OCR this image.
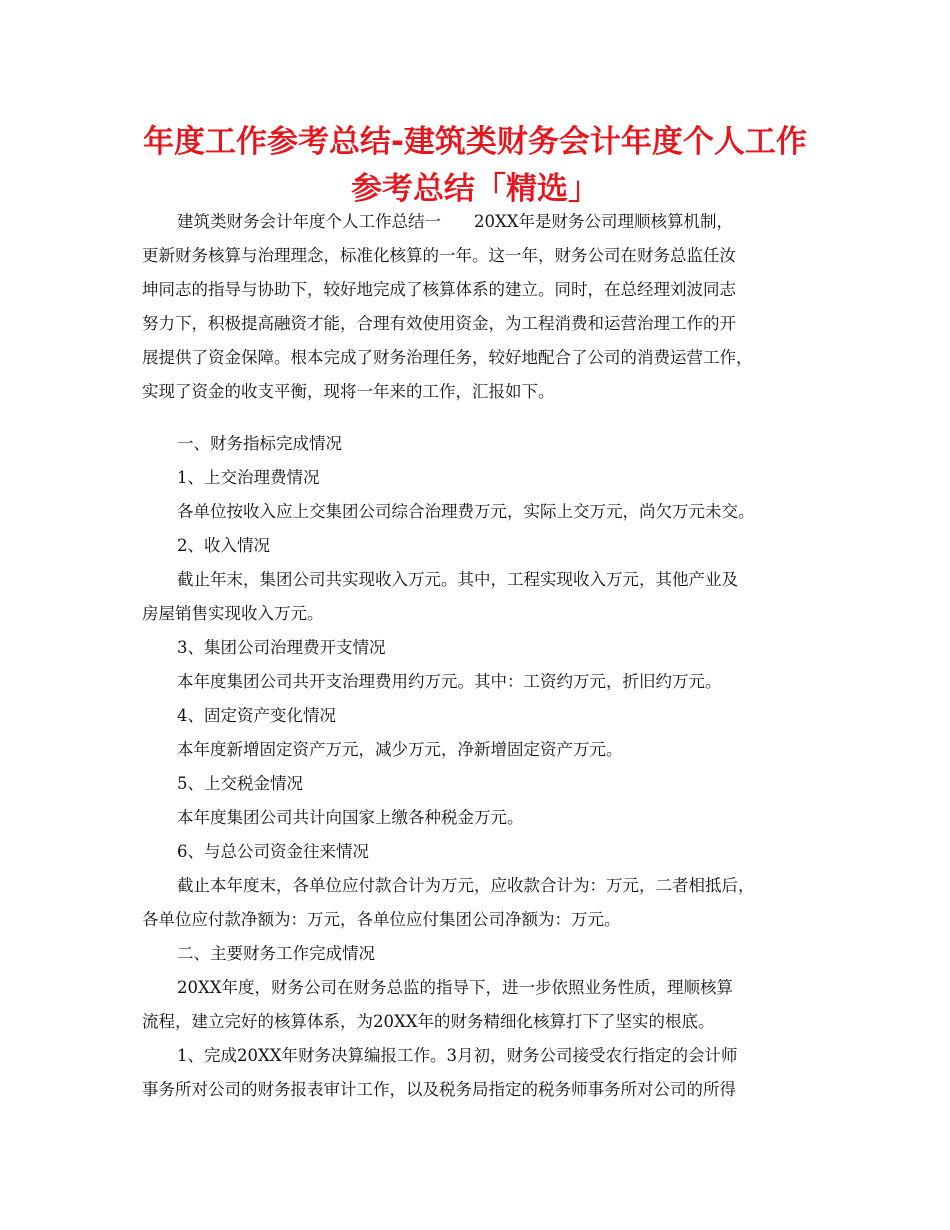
年度工作参考总结-建筑类财务会计年度个人工作
参考总结「精选」
建筑类财务会计年度个人工作总结一　　20XX年是财务公司理顺核算机制，
更新财务核算与治理理念，标准化核算的一年。这一年，财务公司在财务总监任汝
坤同志的指导与协助下，较好地完成了核算体系的建立。同时，在总经理刘波同志
努力下，积极提高融资才能，合理有效使用资金，为工程消费和运营治理工作的开
展提供了资金保障。根本完成了财务治理任务，较好地配合了公司的消费运营工作，
实现了资金的收支平衡，现将一年来的工作，汇报如下。
一、财务指标完成情况
1、上交治理费情况
各单位按收入应上交集团公司综合治理费万元，实际上交万元，尚欠万元未交。
2、收入情况
截止年末，集团公司共实现收入万元。其中，工程实现收入万元，其他产业及
房屋销售实现收入万元。
3、集团公司治理费开支情况
本年度集团公司共开支治理费用约万元。其中：工资约万元，折旧约万元。
4、固定资产变化情况
本年度新增固定资产万元，减少万元，净新增固定资产万元。
5、上交税金情况
本年度集团公司共计向国家上缴各种税金万元。
6、与总公司资金往来情况
截止本年度末，各单位应付款合计为万元，应收款合计为：万元，二者相抵后，
各单位应付款净额为：万元，各单位应付集团公司净额为：万元。
二、主要财务工作完成情况
20XX年度，财务公司在财务总监的指导下，进一步依照业务性质，理顺核算
流程，建立完好的核算体系，为20XX年的财务精细化核算打下了坚实的根底。
1、完成20XX年财务决算编报工作。3月初，财务公司接受农行指定的会计师
事务所对公司的财务报表审计工作，以及税务局指定的税务师事务所对公司的所得
